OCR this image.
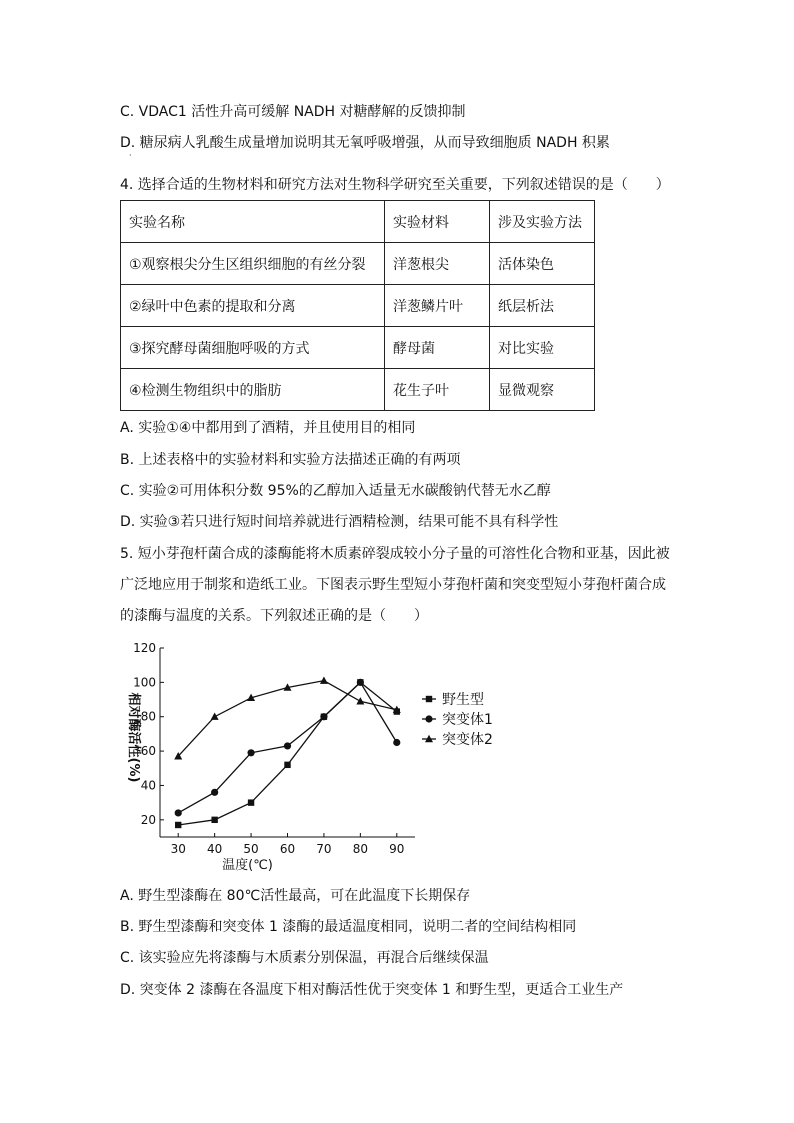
C. VDAC1 活性升高可缓解 NADH 对糖酵解的反馈抑制
D. 糖尿病人乳酸生成量增加说明其无氧呼吸增强，从而导致细胞质 NADH 积累
·
4. 选择合适的生物材料和研究方法对生物科学研究至关重要，下列叙述错误的是（　　）
实验名称	实验材料	涉及实验方法
①观察根尖分生区组织细胞的有丝分裂	洋葱根尖	活体染色
②绿叶中色素的提取和分离	洋葱鳞片叶	纸层析法
③探究酵母菌细胞呼吸的方式	酵母菌	对比实验
④检测生物组织中的脂肪	花生子叶	显微观察
A. 实验①④中都用到了酒精，并且使用目的相同
B. 上述表格中的实验材料和实验方法描述正确的有两项
C. 实验②可用体积分数 95%的乙醇加入适量无水碳酸钠代替无水乙醇
D. 实验③若只进行短时间培养就进行酒精检测，结果可能不具有科学性
5. 短小芽孢杆菌合成的漆酶能将木质素碎裂成较小分子量的可溶性化合物和亚基，因此被
广泛地应用于制浆和造纸工业。下图表示野生型短小芽孢杆菌和突变型短小芽孢杆菌合成
的漆酶与温度的关系。下列叙述正确的是（　　）
20
40
60
80
100
120
30 40 50 60 70 80 90
温度(℃)
相对酶活性(%)	野生型
突变体1
突变体2
A. 野生型漆酶在 80℃活性最高，可在此温度下长期保存
B. 野生型漆酶和突变体 1 漆酶的最适温度相同，说明二者的空间结构相同
C. 该实验应先将漆酶与木质素分别保温，再混合后继续保温
D. 突变体 2 漆酶在各温度下相对酶活性优于突变体 1 和野生型，更适合工业生产
